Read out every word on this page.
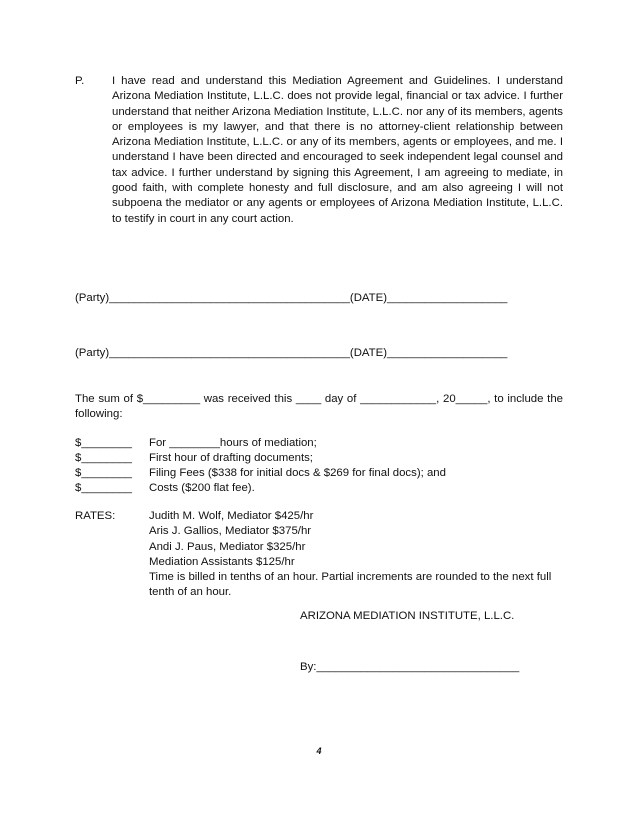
P. I have read and understand this Mediation Agreement and Guidelines. I understand Arizona Mediation Institute, L.L.C. does not provide legal, financial or tax advice. I further understand that neither Arizona Mediation Institute, L.L.C. nor any of its members, agents or employees is my lawyer, and that there is no attorney-client relationship between Arizona Mediation Institute, L.L.C. or any of its members, agents or employees, and me. I understand I have been directed and encouraged to seek independent legal counsel and tax advice. I further understand by signing this Agreement, I am agreeing to mediate, in good faith, with complete honesty and full disclosure, and am also agreeing I will not subpoena the mediator or any agents or employees of Arizona Mediation Institute, L.L.C. to testify in court in any court action.
(Party)______________________________________(DATE)___________________
(Party)______________________________________(DATE)___________________
The sum of $_________ was received this ____ day of ____________, 20_____, to include the following:
$________ For ________hours of mediation;
$________ First hour of drafting documents;
$________ Filing Fees ($338 for initial docs & $269 for final docs); and
$________ Costs ($200 flat fee).
RATES:	Judith M. Wolf, Mediator $425/hr
Aris J. Gallios, Mediator $375/hr
Andi J. Paus, Mediator $325/hr
Mediation Assistants $125/hr
Time is billed in tenths of an hour. Partial increments are rounded to the next full tenth of an hour.
ARIZONA MEDIATION INSTITUTE, L.L.C.
By:________________________________
4
